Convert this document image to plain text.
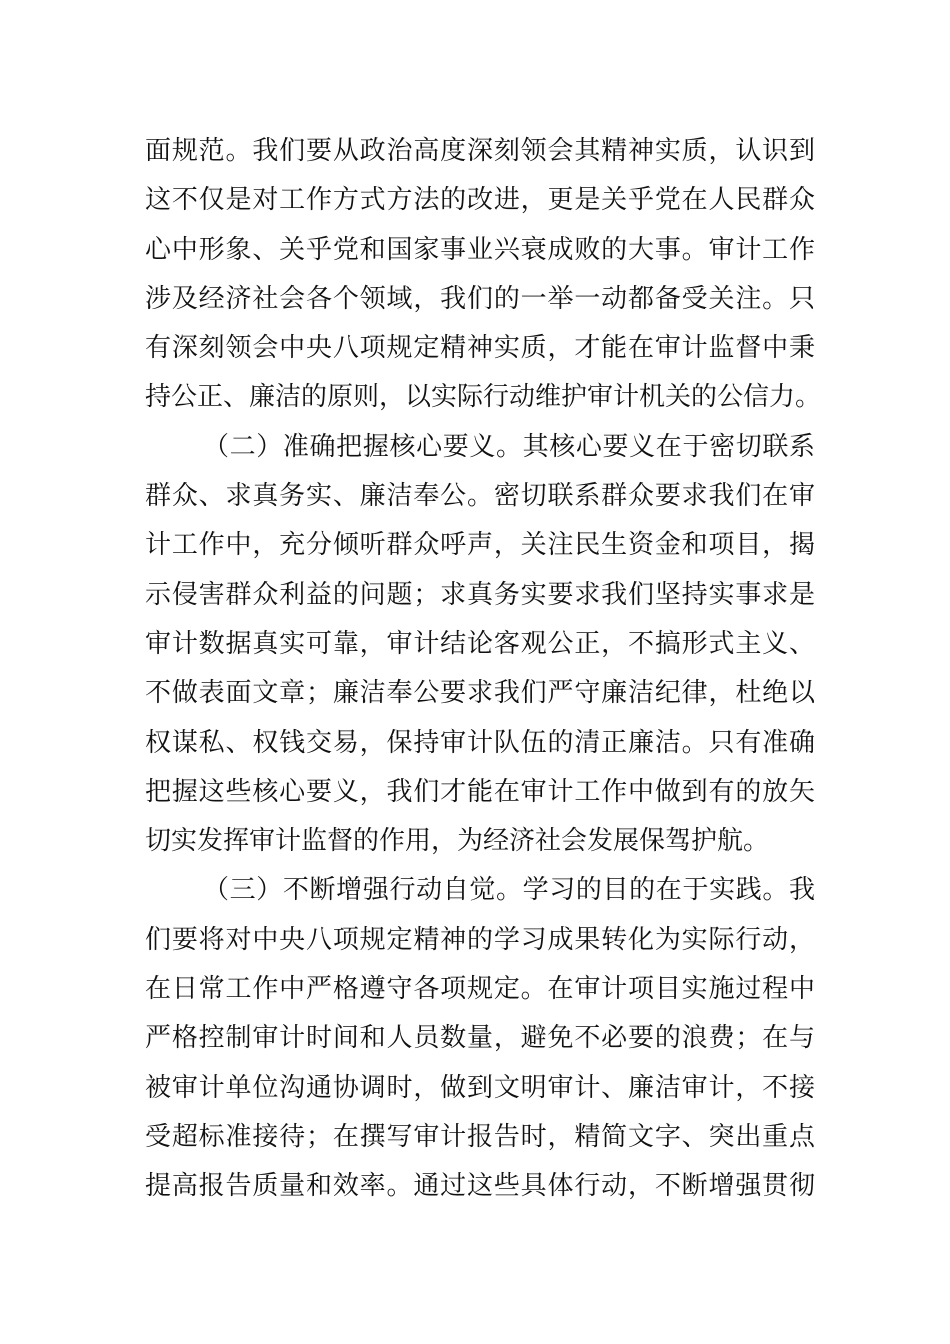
面规范。我们要从政治高度深刻领会其精神实质，认识到
这不仅是对工作方式方法的改进，更是关乎党在人民群众
心中形象、关乎党和国家事业兴衰成败的大事。审计工作
涉及经济社会各个领域，我们的一举一动都备受关注。只
有深刻领会中央八项规定精神实质，才能在审计监督中秉
持公正、廉洁的原则，以实际行动维护审计机关的公信力。
（二）准确把握核心要义。其核心要义在于密切联系
群众、求真务实、廉洁奉公。密切联系群众要求我们在审
计工作中，充分倾听群众呼声，关注民生资金和项目，揭
示侵害群众利益的问题；求真务实要求我们坚持实事求是
审计数据真实可靠，审计结论客观公正，不搞形式主义、
不做表面文章；廉洁奉公要求我们严守廉洁纪律，杜绝以
权谋私、权钱交易，保持审计队伍的清正廉洁。只有准确
把握这些核心要义，我们才能在审计工作中做到有的放矢
切实发挥审计监督的作用，为经济社会发展保驾护航。
（三）不断增强行动自觉。学习的目的在于实践。我
们要将对中央八项规定精神的学习成果转化为实际行动，
在日常工作中严格遵守各项规定。在审计项目实施过程中
严格控制审计时间和人员数量，避免不必要的浪费；在与
被审计单位沟通协调时，做到文明审计、廉洁审计，不接
受超标准接待；在撰写审计报告时，精简文字、突出重点
提高报告质量和效率。通过这些具体行动，不断增强贯彻
